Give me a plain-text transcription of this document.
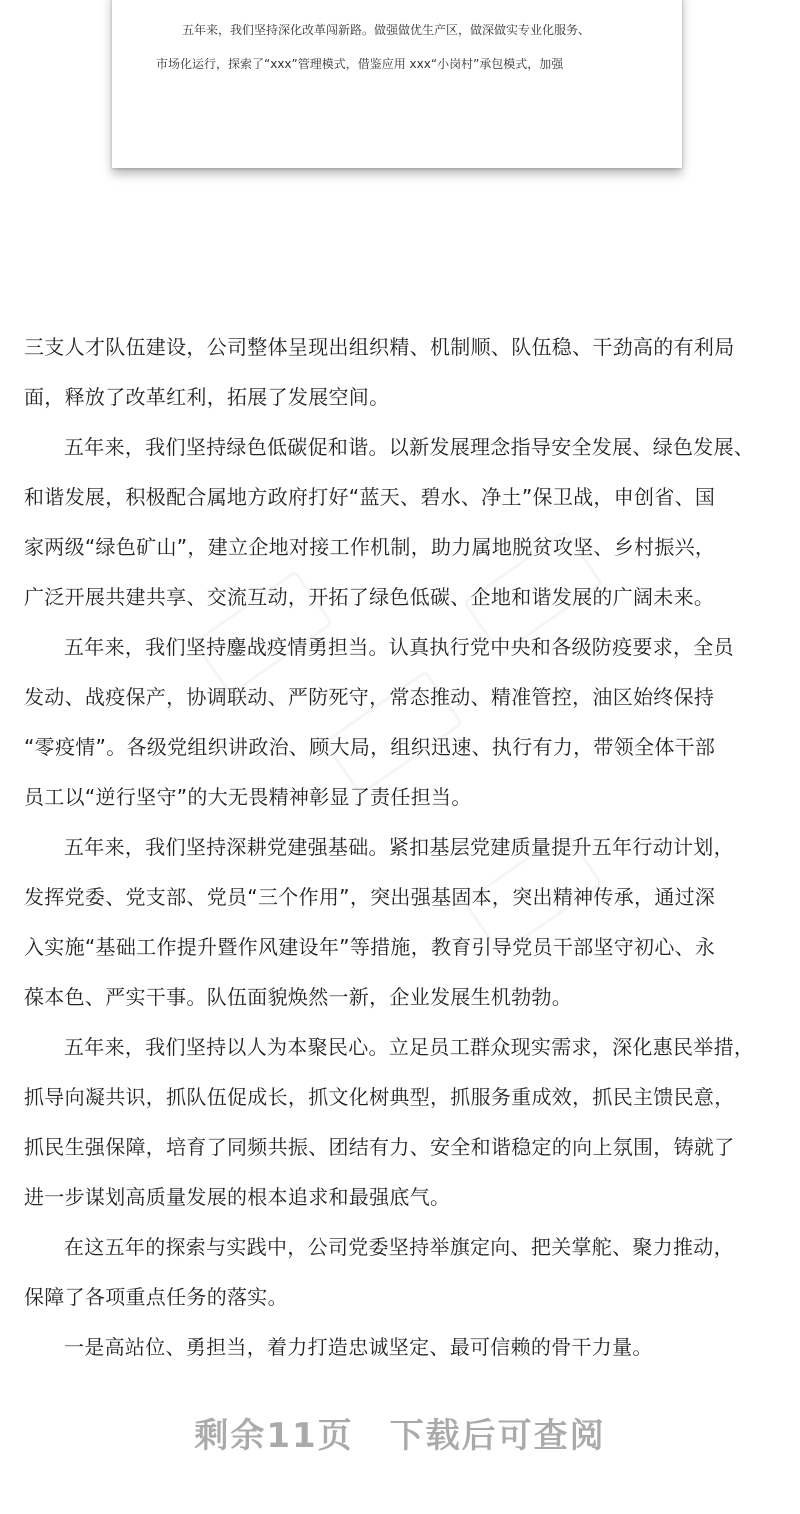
五年来，我们坚持深化改革闯新路。做强做优生产区，做深做实专业化服务、
市场化运行，探索了“xxx”管理模式，借鉴应用 xxx“小岗村”承包模式，加强
三支人才队伍建设，公司整体呈现出组织精、机制顺、队伍稳、干劲高的有利局
面，释放了改革红利，拓展了发展空间。
五年来，我们坚持绿色低碳促和谐。以新发展理念指导安全发展、绿色发展、
和谐发展，积极配合属地方政府打好“蓝天、碧水、净土”保卫战，申创省、国
家两级“绿色矿山”，建立企地对接工作机制，助力属地脱贫攻坚、乡村振兴，
广泛开展共建共享、交流互动，开拓了绿色低碳、企地和谐发展的广阔未来。
五年来，我们坚持鏖战疫情勇担当。认真执行党中央和各级防疫要求，全员
发动、战疫保产，协调联动、严防死守，常态推动、精准管控，油区始终保持
“零疫情”。各级党组织讲政治、顾大局，组织迅速、执行有力，带领全体干部
员工以“逆行坚守”的大无畏精神彰显了责任担当。
五年来，我们坚持深耕党建强基础。紧扣基层党建质量提升五年行动计划，
发挥党委、党支部、党员“三个作用”，突出强基固本，突出精神传承，通过深
入实施“基础工作提升暨作风建设年”等措施，教育引导党员干部坚守初心、永
葆本色、严实干事。队伍面貌焕然一新，企业发展生机勃勃。
五年来，我们坚持以人为本聚民心。立足员工群众现实需求，深化惠民举措，
抓导向凝共识，抓队伍促成长，抓文化树典型，抓服务重成效，抓民主馈民意，
抓民生强保障，培育了同频共振、团结有力、安全和谐稳定的向上氛围，铸就了
进一步谋划高质量发展的根本追求和最强底气。
在这五年的探索与实践中，公司党委坚持举旗定向、把关掌舵、聚力推动，
保障了各项重点任务的落实。
一是高站位、勇担当，着力打造忠诚坚定、最可信赖的骨干力量。
剩余11页 下载后可查阅
